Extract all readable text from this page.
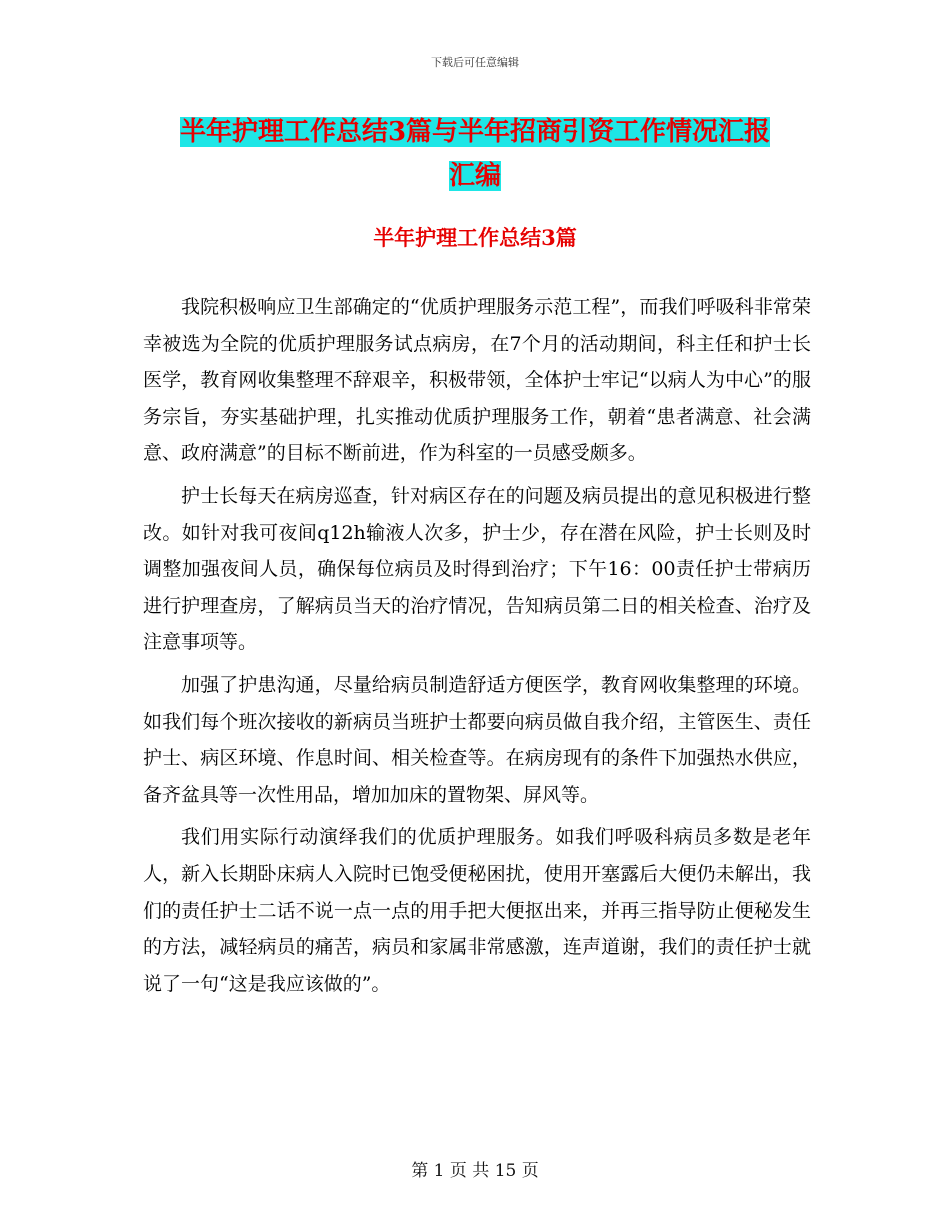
下载后可任意编辑
半年护理工作总结3篇与半年招商引资工作情况汇报
汇编
半年护理工作总结3篇

我院积极响应卫生部确定的“优质护理服务示范工程”，而我们呼吸科非常荣幸被选为全院的优质护理服务试点病房，在7个月的活动期间，科主任和护士长医学，教育网收集整理不辞艰辛，积极带领，全体护士牢记“以病人为中心”的服务宗旨，夯实基础护理，扎实推动优质护理服务工作，朝着“患者满意、社会满意、政府满意”的目标不断前进，作为科室的一员感受颇多。

护士长每天在病房巡查，针对病区存在的问题及病员提出的意见积极进行整改。如针对我可夜间q12h输液人次多，护士少，存在潜在风险，护士长则及时调整加强夜间人员，确保每位病员及时得到治疗；下午16：00责任护士带病历进行护理查房，了解病员当天的治疗情况，告知病员第二日的相关检查、治疗及注意事项等。

加强了护患沟通，尽量给病员制造舒适方便医学，教育网收集整理的环境。如我们每个班次接收的新病员当班护士都要向病员做自我介绍，主管医生、责任护士、病区环境、作息时间、相关检查等。在病房现有的条件下加强热水供应，备齐盆具等一次性用品，增加加床的置物架、屏风等。

我们用实际行动演绎我们的优质护理服务。如我们呼吸科病员多数是老年人，新入长期卧床病人入院时已饱受便秘困扰，使用开塞露后大便仍未解出，我们的责任护士二话不说一点一点的用手把大便抠出来，并再三指导防止便秘发生的方法，减轻病员的痛苦，病员和家属非常感激，连声道谢，我们的责任护士就说了一句“这是我应该做的”。

第 1 页 共 15 页
